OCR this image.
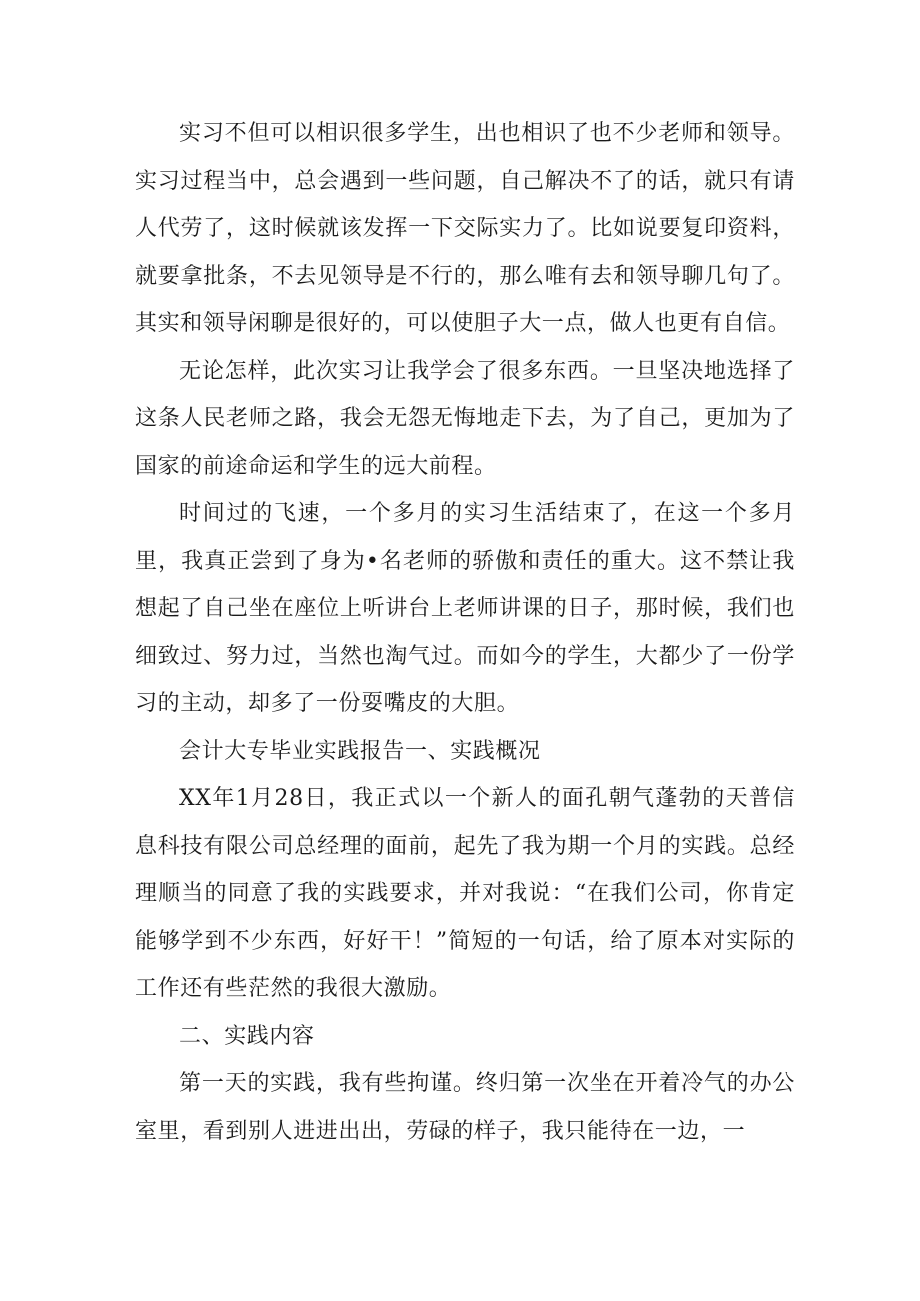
实习不但可以相识很多学生，出也相识了也不少老师和领导。实习过程当中，总会遇到一些问题，自己解决不了的话，就只有请人代劳了，这时候就该发挥一下交际实力了。比如说要复印资料，就要拿批条，不去见领导是不行的，那么唯有去和领导聊几句了。其实和领导闲聊是很好的，可以使胆子大一点，做人也更有自信。

无论怎样，此次实习让我学会了很多东西。一旦坚决地选择了这条人民老师之路，我会无怨无悔地走下去，为了自己，更加为了国家的前途命运和学生的远大前程。

时间过的飞速，一个多月的实习生活结束了，在这一个多月里，我真正尝到了身为•名老师的骄傲和责任的重大。这不禁让我想起了自己坐在座位上听讲台上老师讲课的日子，那时候，我们也细致过、努力过，当然也淘气过。而如今的学生，大都少了一份学习的主动，却多了一份耍嘴皮的大胆。

会计大专毕业实践报告一、实践概况

XX年1月28日，我正式以一个新人的面孔朝气蓬勃的天普信息科技有限公司总经理的面前，起先了我为期一个月的实践。总经理顺当的同意了我的实践要求，并对我说：“在我们公司，你肯定能够学到不少东西，好好干！”简短的一句话，给了原本对实际的工作还有些茫然的我很大激励。

二、实践内容

第一天的实践，我有些拘谨。终归第一次坐在开着冷气的办公室里，看到别人进进出出，劳碌的样子，我只能待在一边，一
